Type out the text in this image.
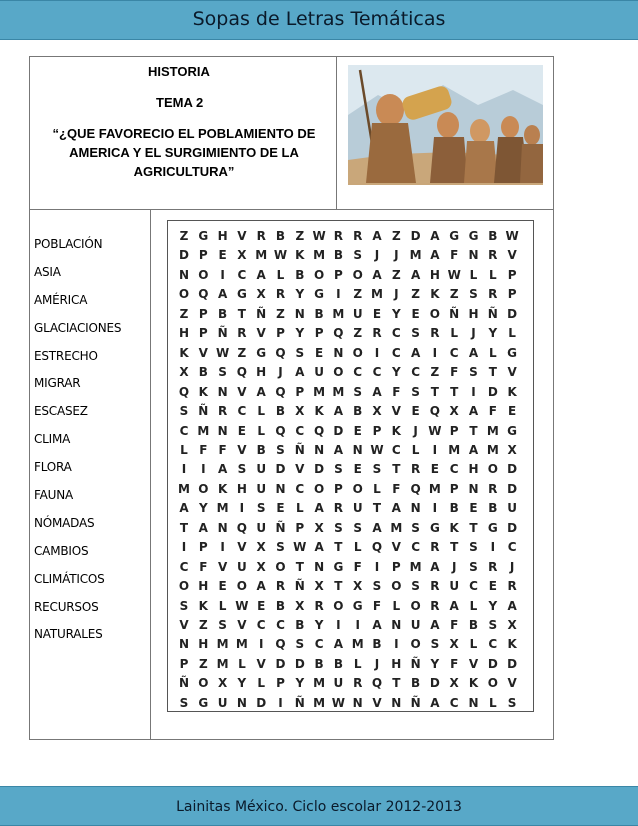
Sopas de Letras Temáticas
HISTORIA
TEMA 2
“¿QUE FAVORECIO EL POBLAMIENTO DE AMERICA Y EL SURGIMIENTO DE LA AGRICULTURA”
POBLACIÓN
ASIA
AMÉRICA
GLACIACIONES
ESTRECHO
MIGRAR
ESCASEZ
CLIMA
FLORA
FAUNA
NÓMADAS
CAMBIOS
CLIMÁTICOS
RECURSOS
NATURALES
Z G H V R B Z W R R A Z D A G G B W
D P E X M W K M B S	J	J M A F N R V
N O I	C A L B O P O A Z A H W L L P
O Q A G X R Y G	I	Z M J	Z K Z S R P
Z P B T Ñ Z N B M U E Y E O Ñ H Ñ D
H P Ñ R V P Y P Q Z R C S R L	J	Y L
K V W Z G Q S E N O I	C A	I	C A L G
X B S Q H	J	A U O C C Y C Z F S T V
Q K N V A Q P M M S A F S T T	I	D K
S Ñ R C L B X K A B X V E Q X A F E
C M N E L Q C Q D E P K	J W P T M G
L F F V B S Ñ N A N W C L	I M A M X
I	I	A S U D V D S E S T R E C H O D
M O K H U N C O P O L F Q M P N R D
A Y M I	S E L A R U T A N	I	B E B U
T A N Q U Ñ P X S S A M S G K T G D
I	P	I	V X S W A T L Q V C R T S	I	C
C F V U X O T N G F	I	P M A	J	S R	J
O H E O A R Ñ X T X S O S R U C E R
S K L W E B X R O G F L O R A L Y A
V Z S V C C B Y	I	I	A N U A F B S X
N H M M I Q S C A M B	I O S X L C K
P Z M L V D D B B L	J	H Ñ Y F V D D
Ñ O X Y L P Y M U R Q T B D X K O V
S G U N D	I	Ñ M W N V N Ñ A C N L S
Lainitas México. Ciclo escolar 2012-2013
